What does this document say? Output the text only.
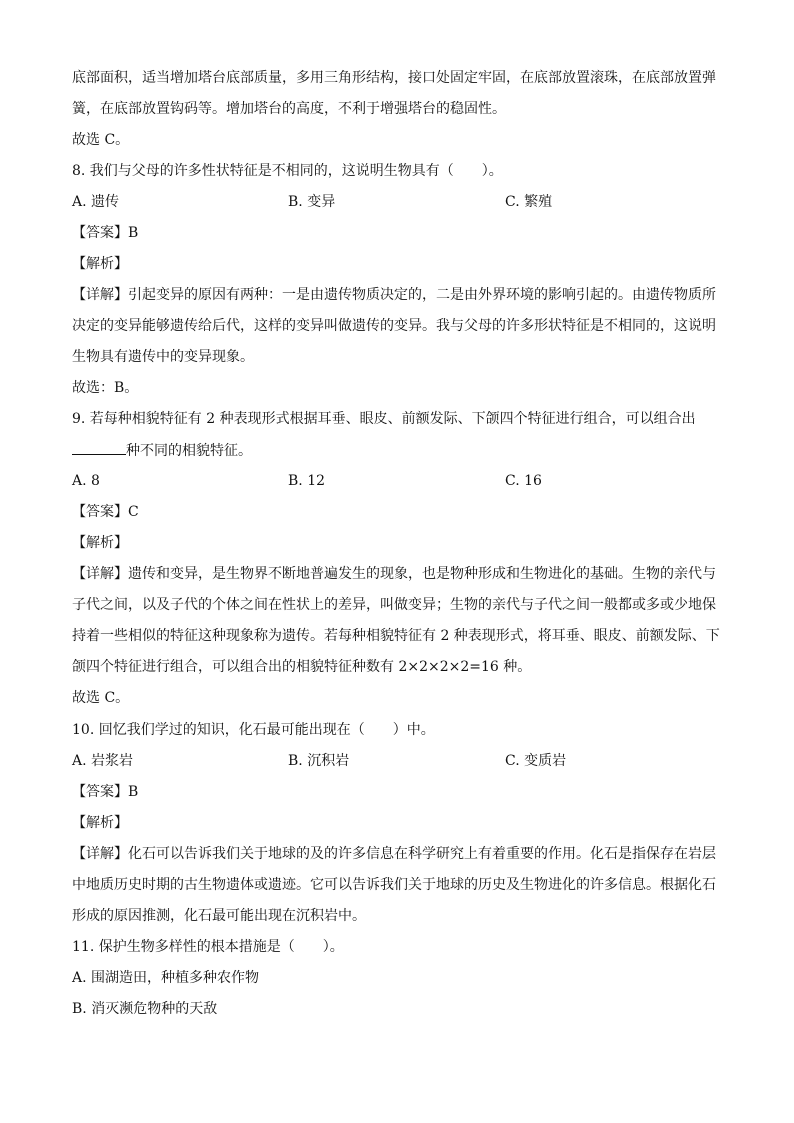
底部面积，适当增加塔台底部质量，多用三角形结构，接口处固定牢固，在底部放置滚珠，在底部放置弹
簧，在底部放置钩码等。增加塔台的高度，不利于增强塔台的稳固性。
故选 C。
8. 我们与父母的许多性状特征是不相同的，这说明生物具有（　　）。
A. 遗传	B. 变异	C. 繁殖
【答案】B
【解析】
【详解】引起变异的原因有两种：一是由遗传物质决定的，二是由外界环境的影响引起的。由遗传物质所
决定的变异能够遗传给后代，这样的变异叫做遗传的变异。我与父母的许多形状特征是不相同的，这说明
生物具有遗传中的变异现象。
故选：B。
9. 若每种相貌特征有 2 种表现形式根据耳垂、眼皮、前额发际、下颌四个特征进行组合，可以组合出
种不同的相貌特征。
A. 8	B. 12	C. 16
【答案】C
【解析】
【详解】遗传和变异，是生物界不断地普遍发生的现象，也是物种形成和生物进化的基础。生物的亲代与
子代之间，以及子代的个体之间在性状上的差异，叫做变异；生物的亲代与子代之间一般都或多或少地保
持着一些相似的特征这种现象称为遗传。若每种相貌特征有 2 种表现形式，将耳垂、眼皮、前额发际、下
颌四个特征进行组合，可以组合出的相貌特征种数有 2×2×2×2=16 种。
故选 C。
10. 回忆我们学过的知识，化石最可能出现在（　　）中。
A. 岩浆岩	B. 沉积岩	C. 变质岩
【答案】B
【解析】
【详解】化石可以告诉我们关于地球的及的许多信息在科学研究上有着重要的作用。化石是指保存在岩层
中地质历史时期的古生物遗体或遗迹。它可以告诉我们关于地球的历史及生物进化的许多信息。根据化石
形成的原因推测，化石最可能出现在沉积岩中。
11. 保护生物多样性的根本措施是（　　）。
A. 围湖造田，种植多种农作物
B. 消灭濒危物种的天敌
